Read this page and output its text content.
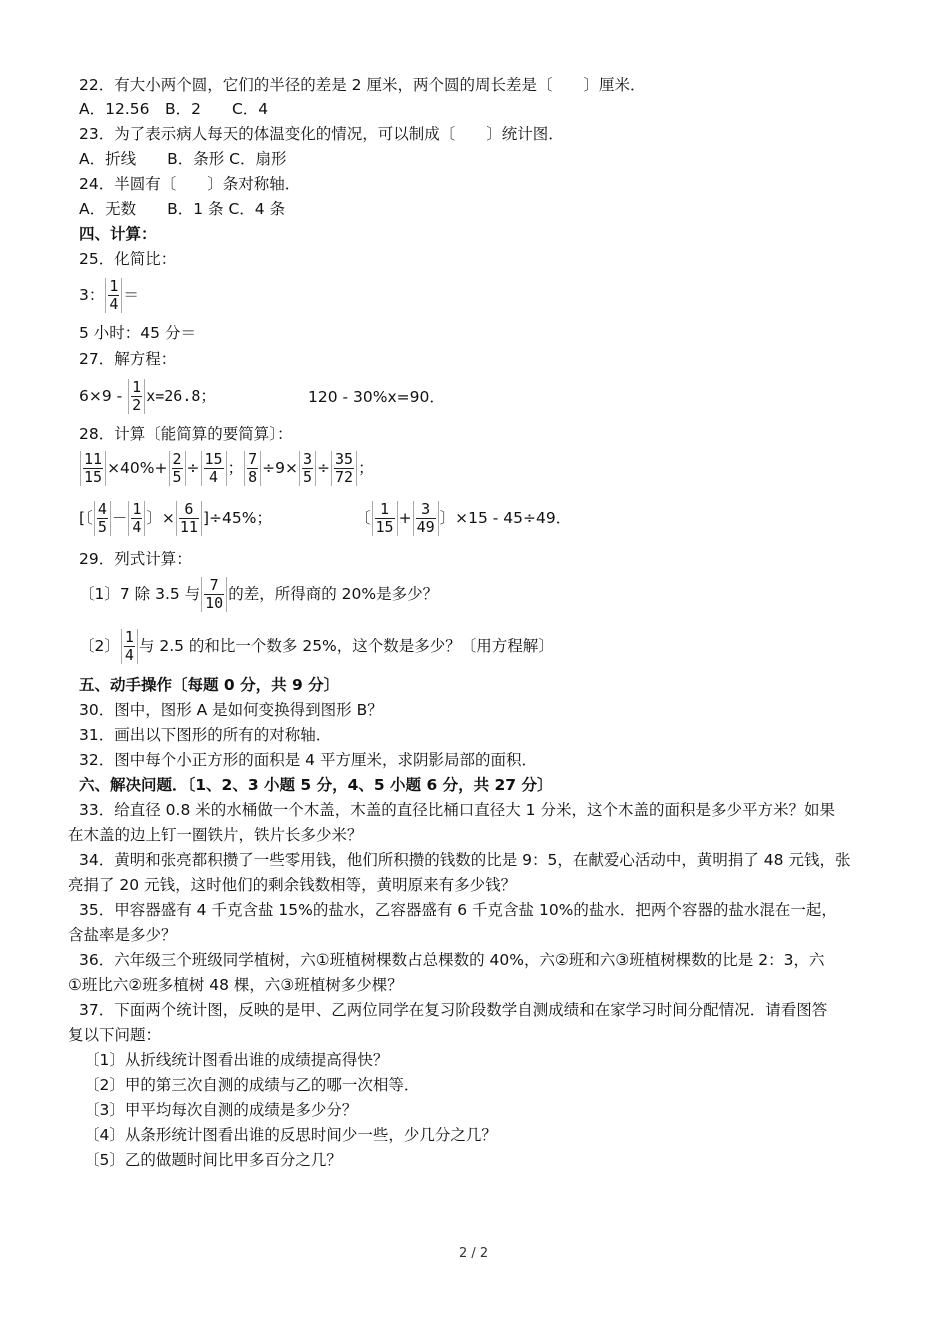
22．有大小两个圆，它们的半径的差是 2 厘米，两个圆的周长差是〔　　〕厘米．
A．12.56　B．2　　C．4
23．为了表示病人每天的体温变化的情况，可以制成〔　　〕统计图．
A．折线　　B．条形 C．扇形
24．半圆有〔　　〕条对称轴．
A．无数　　B．1 条 C．4 条
四、计算：
25．化简比：
3： $\frac{1}{4}$ ＝
5 小时：45 分＝
27．解方程：
$6\times 9 - \frac{1}{2} x=26.8$；	120 - 30%x=90．
28．计算〔能简算的要简算〕：
$\frac{11}{15} \times 40\%+ \frac{2}{5} \div \frac{15}{4}$ ； $\frac{7}{8} \div 9\times \frac{3}{5} \div \frac{35}{72}$ ；
[〔 $\frac{4}{5} - \frac{1}{4}$ 〕× $\frac{6}{11} ]\div 45\%$；	〔 $\frac{1}{15} + \frac{3}{49}$ 〕×15 - 45÷49．
29．列式计算：
〔1〕7 除 3.5 与 $\frac{7}{10}$ 的差，所得商的 20%是多少？
〔2〕 $\frac{1}{4}$ 与 2.5 的和比一个数多 25%，这个数是多少？〔用方程解〕
五、动手操作〔每题 0 分，共 9 分〕
30．图中，图形 A 是如何变换得到图形 B？
31．画出以下图形的所有的对称轴．
32．图中每个小正方形的面积是 4 平方厘米，求阴影局部的面积．
六、解决问题．〔1、2、3 小题 5 分，4、5 小题 6 分，共 27 分〕
33．给直径 0.8 米的水桶做一个木盖，木盖的直径比桶口直径大 1 分米，这个木盖的面积是多少平方米？如果
在木盖的边上钉一圈铁片，铁片长多少米？
34．黄明和张亮都积攒了一些零用钱，他们所积攒的钱数的比是 9：5，在献爱心活动中，黄明捐了 48 元钱，张
亮捐了 20 元钱，这时他们的剩余钱数相等，黄明原来有多少钱？
35．甲容器盛有 4 千克含盐 15%的盐水，乙容器盛有 6 千克含盐 10%的盐水．把两个容器的盐水混在一起，
含盐率是多少？
36．六年级三个班级同学植树，六①班植树棵数占总棵数的 40%，六②班和六③班植树棵数的比是 2：3，六
①班比六②班多植树 48 棵，六③班植树多少棵？
37．下面两个统计图，反映的是甲、乙两位同学在复习阶段数学自测成绩和在家学习时间分配情况．请看图答
复以下问题：
〔1〕从折线统计图看出谁的成绩提高得快？
〔2〕甲的第三次自测的成绩与乙的哪一次相等．
〔3〕甲平均每次自测的成绩是多少分？
〔4〕从条形统计图看出谁的反思时间少一些，少几分之几？
〔5〕乙的做题时间比甲多百分之几？
2 / 2
